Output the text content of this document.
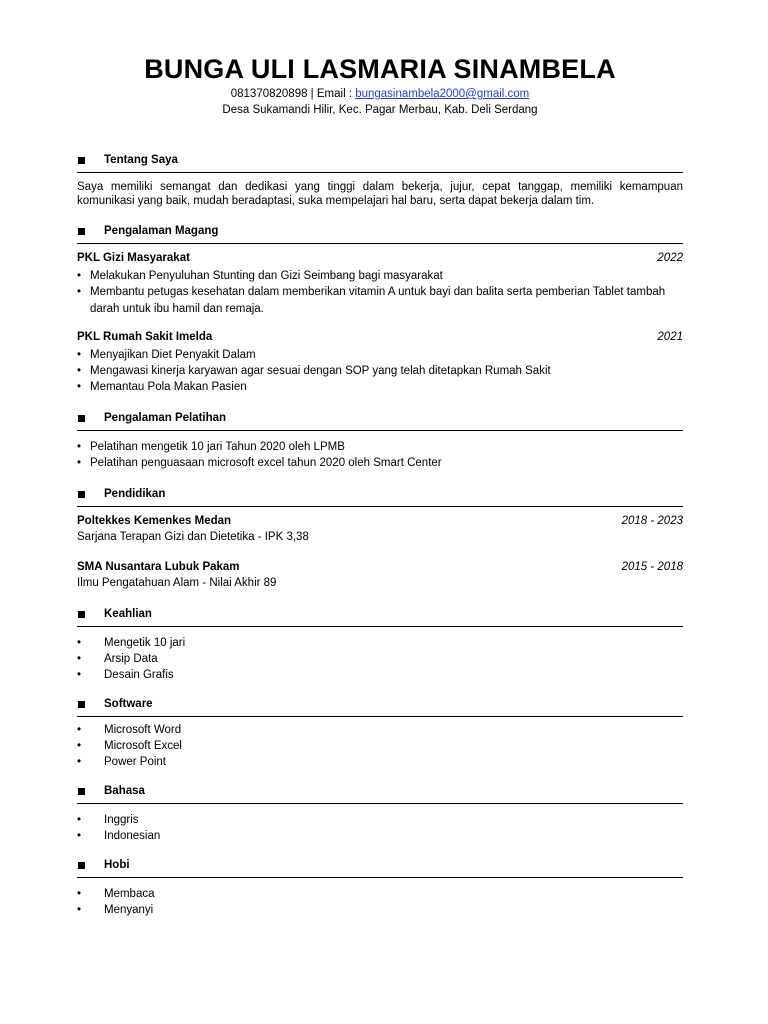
BUNGA ULI LASMARIA SINAMBELA
081370820898 | Email : bungasinambela2000@gmail.com
Desa Sukamandi Hilir, Kec. Pagar Merbau, Kab. Deli Serdang
Tentang Saya
Saya memiliki semangat dan dedikasi yang tinggi dalam bekerja, jujur, cepat tanggap, memiliki kemampuan komunikasi yang baik, mudah beradaptasi, suka mempelajari hal baru, serta dapat bekerja dalam tim.
Pengalaman Magang
PKL Gizi Masyarakat	2022
• Melakukan Penyuluhan Stunting dan Gizi Seimbang bagi masyarakat
• Membantu petugas kesehatan dalam memberikan vitamin A untuk bayi dan balita serta pemberian Tablet tambah darah untuk ibu hamil dan remaja.
PKL Rumah Sakit Imelda	2021
• Menyajikan Diet Penyakit Dalam
• Mengawasi kinerja karyawan agar sesuai dengan SOP yang telah ditetapkan Rumah Sakit
• Memantau Pola Makan Pasien
Pengalaman Pelatihan
• Pelatihan mengetik 10 jari Tahun 2020 oleh LPMB
• Pelatihan penguasaan microsoft excel tahun 2020 oleh Smart Center
Pendidikan
Poltekkes Kemenkes Medan	2018 - 2023
Sarjana Terapan Gizi dan Dietetika - IPK 3,38
SMA Nusantara Lubuk Pakam	2015 - 2018
Ilmu Pengatahuan Alam - Nilai Akhir 89
Keahlian
• Mengetik 10 jari
• Arsip Data
• Desain Grafis
Software
• Microsoft Word
• Microsoft Excel
• Power Point
Bahasa
• Inggris
• Indonesian
Hobi
• Membaca
• Menyanyi
